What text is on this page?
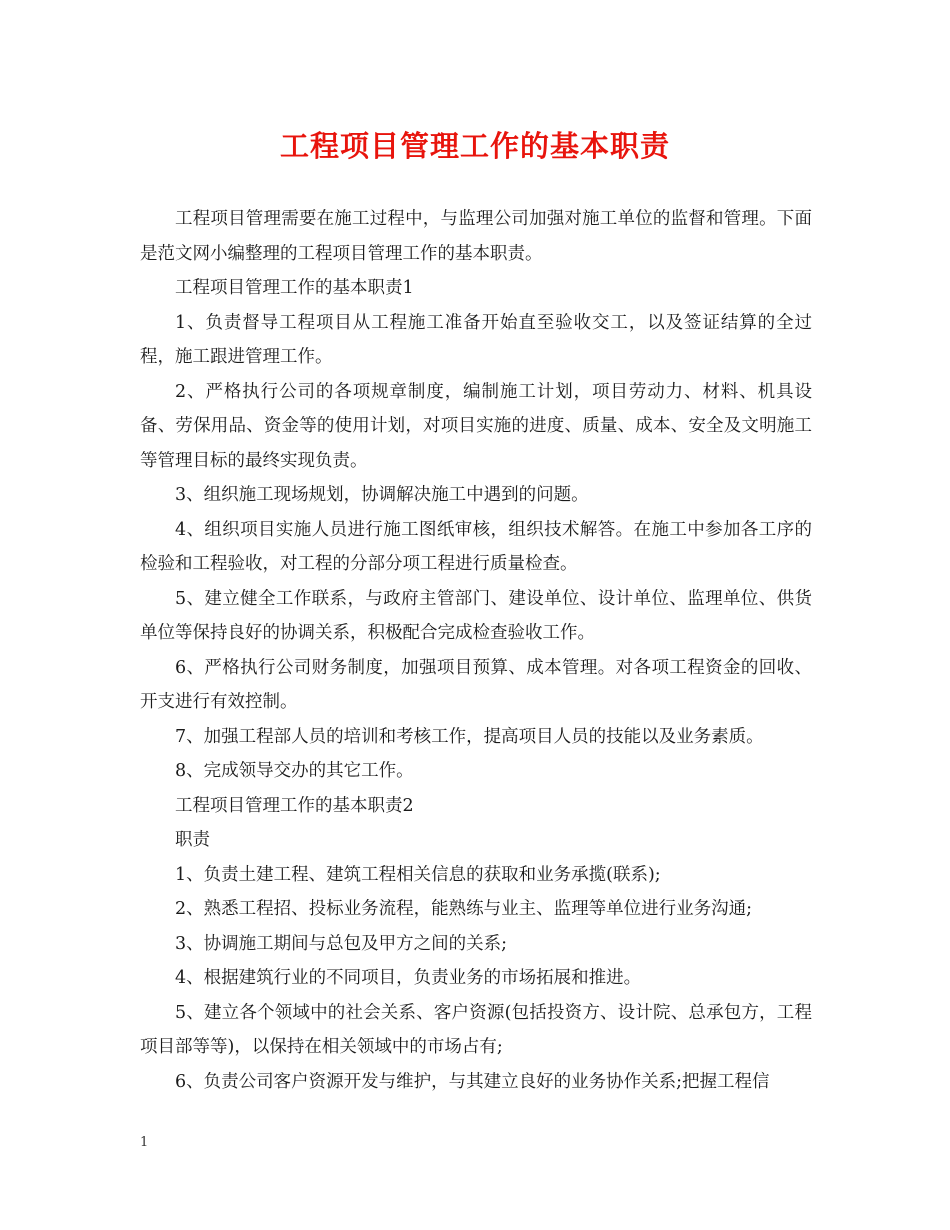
工程项目管理工作的基本职责

工程项目管理需要在施工过程中，与监理公司加强对施工单位的监督和管理。下面是范文网小编整理的工程项目管理工作的基本职责。

工程项目管理工作的基本职责1

1、负责督导工程项目从工程施工准备开始直至验收交工，以及签证结算的全过程，施工跟进管理工作。

2、严格执行公司的各项规章制度，编制施工计划，项目劳动力、材料、机具设备、劳保用品、资金等的使用计划，对项目实施的进度、质量、成本、安全及文明施工等管理目标的最终实现负责。

3、组织施工现场规划，协调解决施工中遇到的问题。

4、组织项目实施人员进行施工图纸审核，组织技术解答。在施工中参加各工序的检验和工程验收，对工程的分部分项工程进行质量检查。

5、建立健全工作联系，与政府主管部门、建设单位、设计单位、监理单位、供货单位等保持良好的协调关系，积极配合完成检查验收工作。

6、严格执行公司财务制度，加强项目预算、成本管理。对各项工程资金的回收、开支进行有效控制。

7、加强工程部人员的培训和考核工作，提高项目人员的技能以及业务素质。

8、完成领导交办的其它工作。

工程项目管理工作的基本职责2

职责

1、负责土建工程、建筑工程相关信息的获取和业务承揽(联系);

2、熟悉工程招、投标业务流程，能熟练与业主、监理等单位进行业务沟通;

3、协调施工期间与总包及甲方之间的关系;

4、根据建筑行业的不同项目，负责业务的市场拓展和推进。

5、建立各个领域中的社会关系、客户资源(包括投资方、设计院、总承包方，工程项目部等等)，以保持在相关领域中的市场占有;

6、负责公司客户资源开发与维护，与其建立良好的业务协作关系;把握工程信

1
